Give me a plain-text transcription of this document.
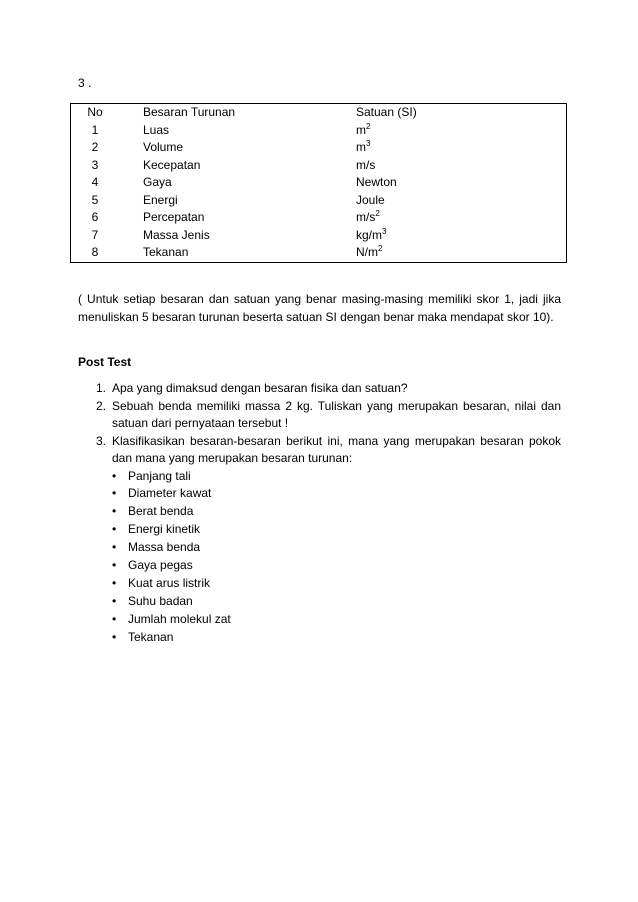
3 .
No	Besaran Turunan	Satuan (SI)
1	Luas	$m^2$
2	Volume	$m^3$
3	Kecepatan	m/s
4	Gaya	Newton
5	Energi	Joule
6	Percepatan	$m/s^2$
7	Massa Jenis	$kg/m^3$
8	Tekanan	$N/m^2$
( Untuk setiap besaran dan satuan yang benar masing-masing memiliki skor 1, jadi jika menuliskan 5 besaran turunan beserta satuan SI dengan benar maka mendapat skor 10).
Post Test
1. Apa yang dimaksud dengan besaran fisika dan satuan?
2. Sebuah benda memiliki massa 2 kg. Tuliskan yang merupakan besaran, nilai dan satuan dari pernyataan tersebut !
3. Klasifikasikan besaran-besaran berikut ini, mana yang merupakan besaran pokok dan mana yang merupakan besaran turunan:
• Panjang tali
• Diameter kawat
• Berat benda
• Energi kinetik
• Massa benda
• Gaya pegas
• Kuat arus listrik
• Suhu badan
• Jumlah molekul zat
• Tekanan
